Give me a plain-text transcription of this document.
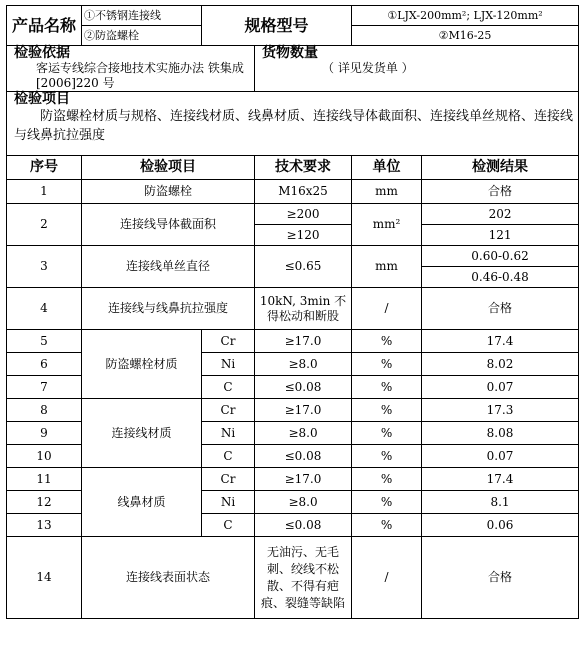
产品名称	①不锈钢连接线	规格型号		①LJX-200mm²; LJX-120mm²	
	②防盗螺栓			②M16-25	

检验依据
客运专线综合接地技术实施办法 铁集成[2006]220 号			货物数量
（ 详见发货单 ）		

检验项目
防盗螺栓材质与规格、连接线材质、线鼻材质、连接线导体截面积、连接线单丝规格、连接线与线鼻抗拉强度					

序号	检验项目		技术要求	单位	检测结果
1	防盗螺栓		M16x25	mm	合格
2	连接线导体截面积		≥200	mm²	202
			≥120		121
3	连接线单丝直径		≤0.65	mm	0.60-0.62
					0.46-0.48
4	连接线与线鼻抗拉强度		10kN, 3min 不得松动和断股	/	合格
5	防盗螺栓材质	Cr	≥17.0	%	17.4
6		Ni	≥8.0	%	8.02
7		C	≤0.08	%	0.07
8	连接线材质	Cr	≥17.0	%	17.3
9		Ni	≥8.0	%	8.08
10		C	≤0.08	%	0.07
11	线鼻材质	Cr	≥17.0	%	17.4
12		Ni	≥8.0	%	8.1
13		C	≤0.08	%	0.06
14	连接线表面状态		无油污、无毛刺、绞线不松散、不得有疤痕、裂缝等缺陷	/	合格
